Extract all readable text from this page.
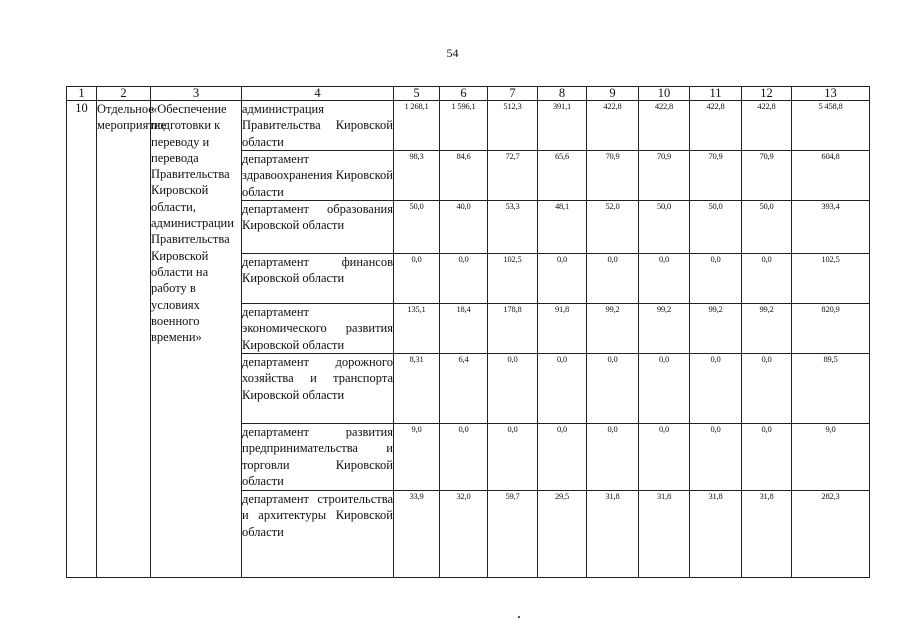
54
1	2	3	4	5	6	7	8	9	10	11	12	13
10	Отдельное мероприятие	«Обеспечение подготовки к переводу и перевода Правительства Кировской области, администрации Правительства Кировской области на работу в условиях военного времени»	администрация Правительства Кировской области	1 268,1	1 596,1	512,3	391,1	422,8	422,8	422,8	422,8	5 458,8
			департамент здравоохранения Кировской области	98,3	84,6	72,7	65,6	70,9	70,9	70,9	70,9	604,8
			департамент образования Кировской области	50,0	40,0	53,3	48,1	52,0	50,0	50,0	50,0	393,4
			департамент финансов Кировской области	0,0	0,0	102,5	0,0	0,0	0,0	0,0	0,0	102,5
			департамент экономического развития Кировской области	135,1	18,4	178,8	91,8	99,2	99,2	99,2	99,2	820,9
			департамент дорожного хозяйства и транспорта Кировской области	8,31	6,4	0,0	0,0	0,0	0,0	0,0	0,0	89,5
			департамент развития предпринимательства и торговли Кировской области	9,0	0,0	0,0	0,0	0,0	0,0	0,0	0,0	9,0
			департамент строительства и архитектуры Кировской области	33,9	32,0	59,7	29,5	31,8	31,8	31,8	31,8	282,3
